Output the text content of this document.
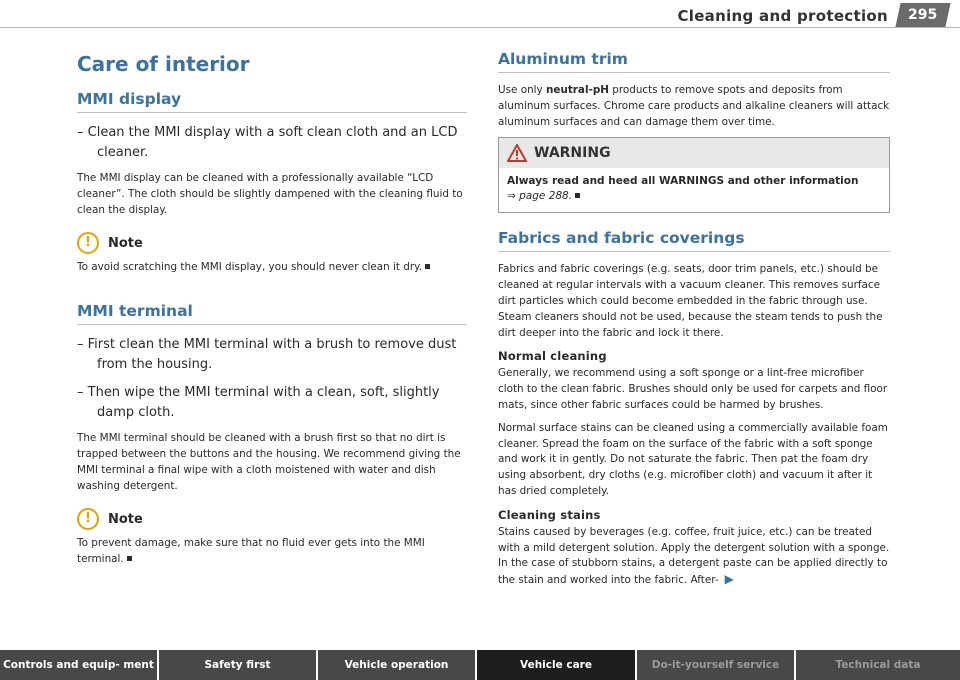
Cleaning and protection	295
Care of interior
MMI display
– Clean the MMI display with a soft clean cloth and an LCD cleaner.

The MMI display can be cleaned with a professionally available “LCD cleaner”. The cloth should be slightly dampened with the cleaning fluid to clean the display.

!	Note

To avoid scratching the MMI display, you should never clean it dry.

MMI terminal
– First clean the MMI terminal with a brush to remove dust from the housing.
– Then wipe the MMI terminal with a clean, soft, slightly damp cloth.

The MMI terminal should be cleaned with a brush first so that no dirt is trapped between the buttons and the housing. We recommend giving the MMI terminal a final wipe with a cloth moistened with water and dish washing detergent.

!	Note

To prevent damage, make sure that no fluid ever gets into the MMI terminal.

Aluminum trim

Use only neutral-pH products to remove spots and deposits from aluminum surfaces. Chrome care products and alkaline cleaners will attack aluminum surfaces and can damage them over time.

WARNING
Always read and heed all WARNINGS and other information
⇒ page 288.
Fabrics and fabric coverings

Fabrics and fabric coverings (e.g. seats, door trim panels, etc.) should be cleaned at regular intervals with a vacuum cleaner. This removes surface dirt particles which could become embedded in the fabric through use. Steam cleaners should not be used, because the steam tends to push the dirt deeper into the fabric and lock it there.

Normal cleaning

Generally, we recommend using a soft sponge or a lint-free microfiber cloth to the clean fabric. Brushes should only be used for carpets and floor mats, since other fabric surfaces could be harmed by brushes.

Normal surface stains can be cleaned using a commercially available foam cleaner. Spread the foam on the surface of the fabric with a soft sponge and work it in gently. Do not saturate the fabric. Then pat the foam dry using absorbent, dry cloths (e.g. microfiber cloth) and vacuum it after it has dried completely.

Cleaning stains

Stains caused by beverages (e.g. coffee, fruit juice, etc.) can be treated with a mild detergent solution. Apply the detergent solution with a sponge. In the case of stubborn stains, a detergent paste can be applied directly to the stain and worked into the fabric. After- ▶

Controls and equip- ment	Safety first	Vehicle operation	Vehicle care	Do-it-yourself service	Technical data
